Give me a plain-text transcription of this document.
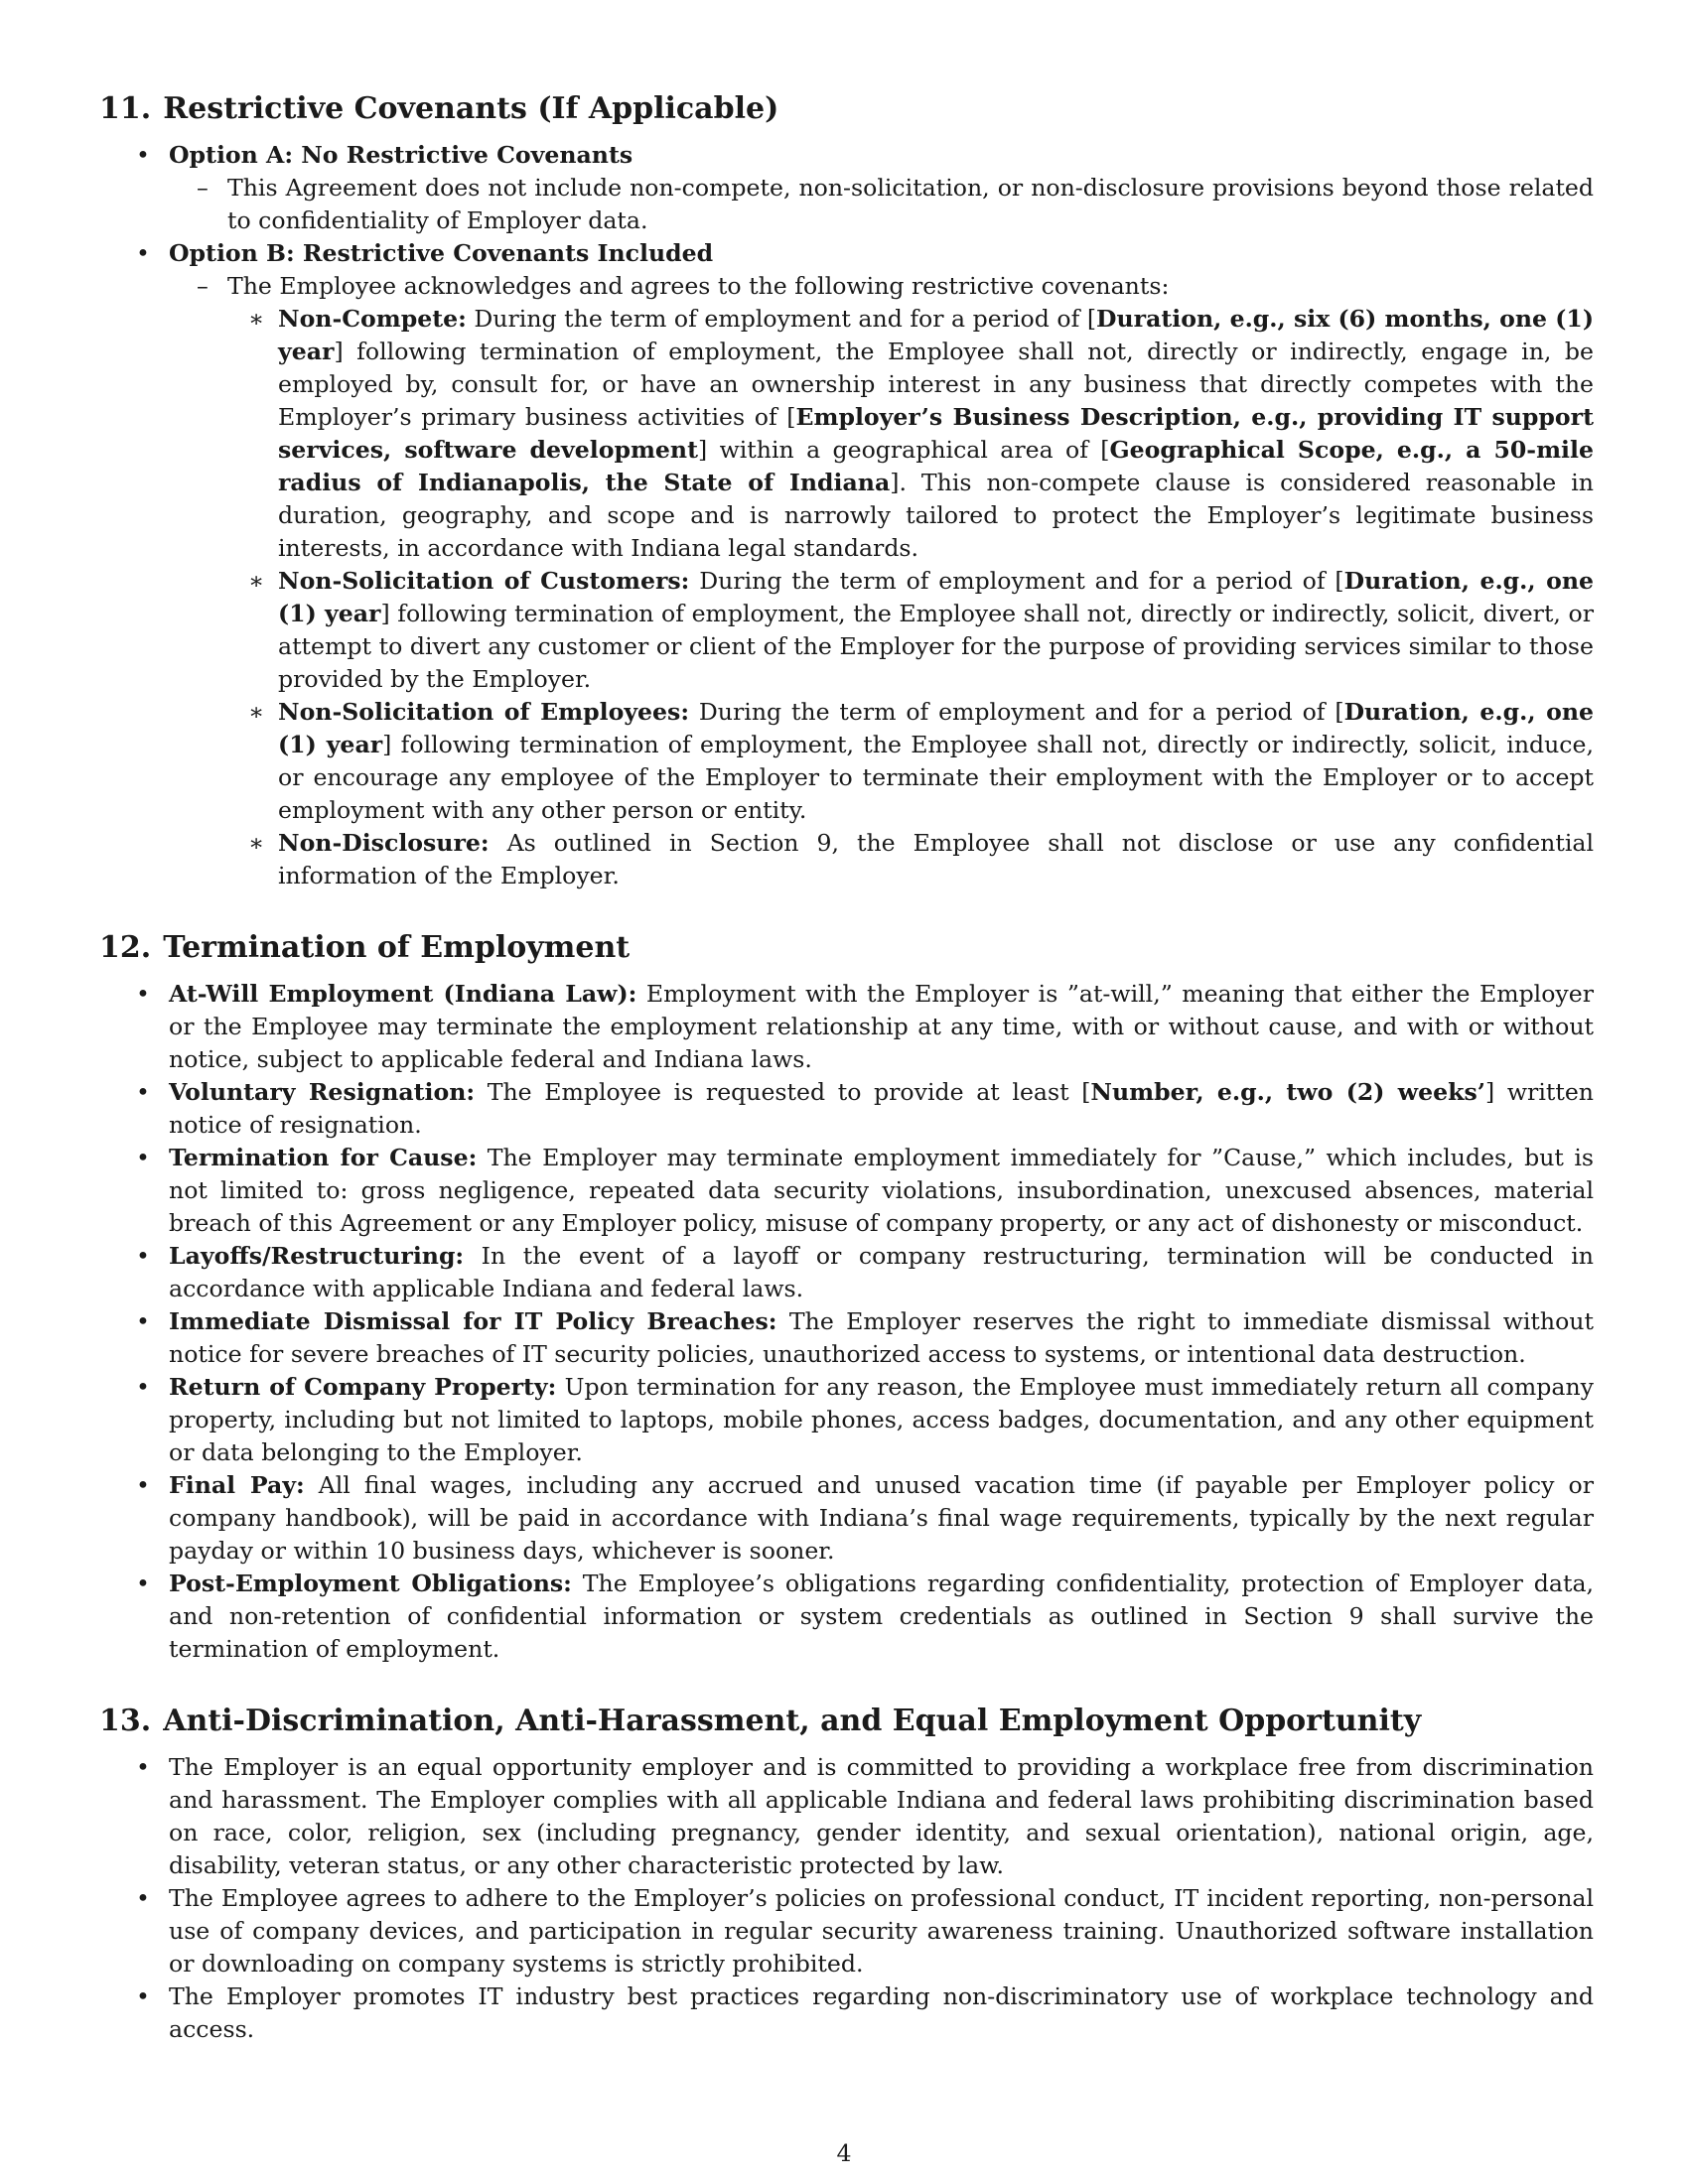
11. Restrictive Covenants (If Applicable)
• Option A: No Restrictive Covenants
– This Agreement does not include non-compete, non-solicitation, or non-disclosure provisions beyond those related to confidentiality of Employer data.
• Option B: Restrictive Covenants Included
– The Employee acknowledges and agrees to the following restrictive covenants:
∗ Non-Compete: During the term of employment and for a period of [Duration, e.g., six (6) months, one (1) year] following termination of employment, the Employee shall not, directly or indirectly, engage in, be employed by, consult for, or have an ownership interest in any business that directly competes with the Employer’s primary business activities of [Employer’s Business Description, e.g., providing IT support services, software development] within a geographical area of [Geographical Scope, e.g., a 50-mile radius of Indianapolis, the State of Indiana]. This non-compete clause is considered reasonable in duration, geography, and scope and is narrowly tailored to protect the Employer’s legitimate business interests, in accordance with Indiana legal standards.
∗ Non-Solicitation of Customers: During the term of employment and for a period of [Duration, e.g., one (1) year] following termination of employment, the Employee shall not, directly or indirectly, solicit, divert, or attempt to divert any customer or client of the Employer for the purpose of providing services similar to those provided by the Employer.
∗ Non-Solicitation of Employees: During the term of employment and for a period of [Duration, e.g., one (1) year] following termination of employment, the Employee shall not, directly or indirectly, solicit, induce, or encourage any employee of the Employer to terminate their employment with the Employer or to accept employment with any other person or entity.
∗ Non-Disclosure: As outlined in Section 9, the Employee shall not disclose or use any confidential information of the Employer.
12. Termination of Employment
• At-Will Employment (Indiana Law): Employment with the Employer is ”at-will,” meaning that either the Employer or the Employee may terminate the employment relationship at any time, with or without cause, and with or without notice, subject to applicable federal and Indiana laws.
• Voluntary Resignation: The Employee is requested to provide at least [Number, e.g., two (2) weeks’] written notice of resignation.
• Termination for Cause: The Employer may terminate employment immediately for ”Cause,” which includes, but is not limited to: gross negligence, repeated data security violations, insubordination, unexcused absences, material breach of this Agreement or any Employer policy, misuse of company property, or any act of dishonesty or misconduct.
• Layoffs/Restructuring: In the event of a layoff or company restructuring, termination will be conducted in accordance with applicable Indiana and federal laws.
• Immediate Dismissal for IT Policy Breaches: The Employer reserves the right to immediate dismissal without notice for severe breaches of IT security policies, unauthorized access to systems, or intentional data destruction.
• Return of Company Property: Upon termination for any reason, the Employee must immediately return all company property, including but not limited to laptops, mobile phones, access badges, documentation, and any other equipment or data belonging to the Employer.
• Final Pay: All final wages, including any accrued and unused vacation time (if payable per Employer policy or company handbook), will be paid in accordance with Indiana’s final wage requirements, typically by the next regular payday or within 10 business days, whichever is sooner.
• Post-Employment Obligations: The Employee’s obligations regarding confidentiality, protection of Employer data, and non-retention of confidential information or system credentials as outlined in Section 9 shall survive the termination of employment.
13. Anti-Discrimination, Anti-Harassment, and Equal Employment Opportunity
• The Employer is an equal opportunity employer and is committed to providing a workplace free from discrimination and harassment. The Employer complies with all applicable Indiana and federal laws prohibiting discrimination based on race, color, religion, sex (including pregnancy, gender identity, and sexual orientation), national origin, age, disability, veteran status, or any other characteristic protected by law.
• The Employee agrees to adhere to the Employer’s policies on professional conduct, IT incident reporting, non-personal use of company devices, and participation in regular security awareness training. Unauthorized software installation or downloading on company systems is strictly prohibited.
• The Employer promotes IT industry best practices regarding non-discriminatory use of workplace technology and access.
4
